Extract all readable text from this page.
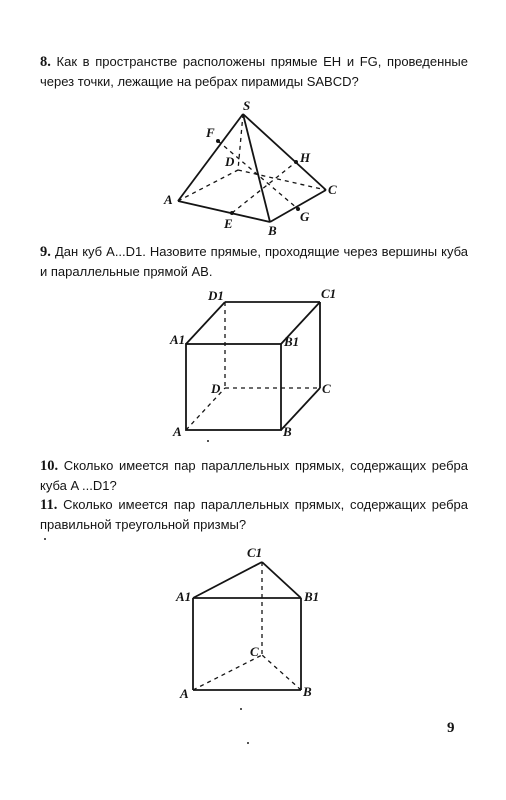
8. Как в пространстве расположены прямые EH и FG, проведенные через точки, лежащие на ребрах пирамиды SABCD?

S
F
H
D
A
C
E	B
G

9. Дан куб A...D1. Назовите прямые, проходящие через вершины куба и параллельные прямой AB.

D1	C1
A1	B1
D	C
A	B

10. Сколько имеется пар параллельных прямых, содержащих ребра куба A ...D1?

11. Сколько имеется пар параллельных прямых, содержащих ребра правильной треугольной призмы?

C1
A1	B1
C
A	B
9
